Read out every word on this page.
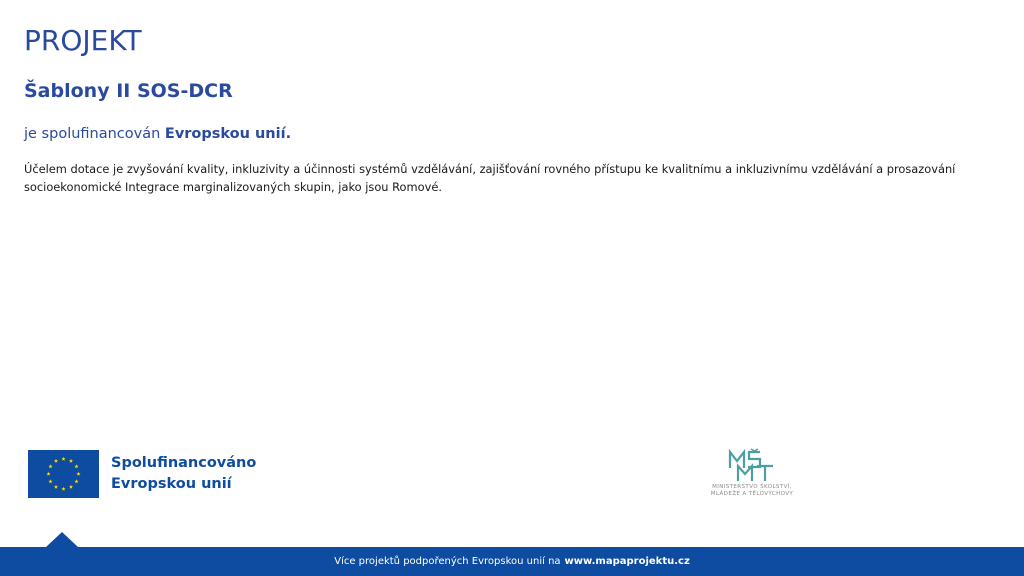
PROJEKT
Šablony II SOS-DCR
je spolufinancován Evropskou unií.
Účelem dotace je zvyšování kvality, inkluzivity a účinnosti systémů vzdělávání, zajišťování rovného přístupu ke kvalitnímu a inkluzivnímu vzdělávání a prosazování socioekonomické Integrace marginalizovaných skupin, jako jsou Romové.
Spolufinancováno
Evropskou unií	MINISTERSTVO ŠKOLSTVÍ,
MLÁDEŽE A TĚLOVÝCHOVY
Více projektů podpořených Evropskou unií na www.mapaprojektu.cz
